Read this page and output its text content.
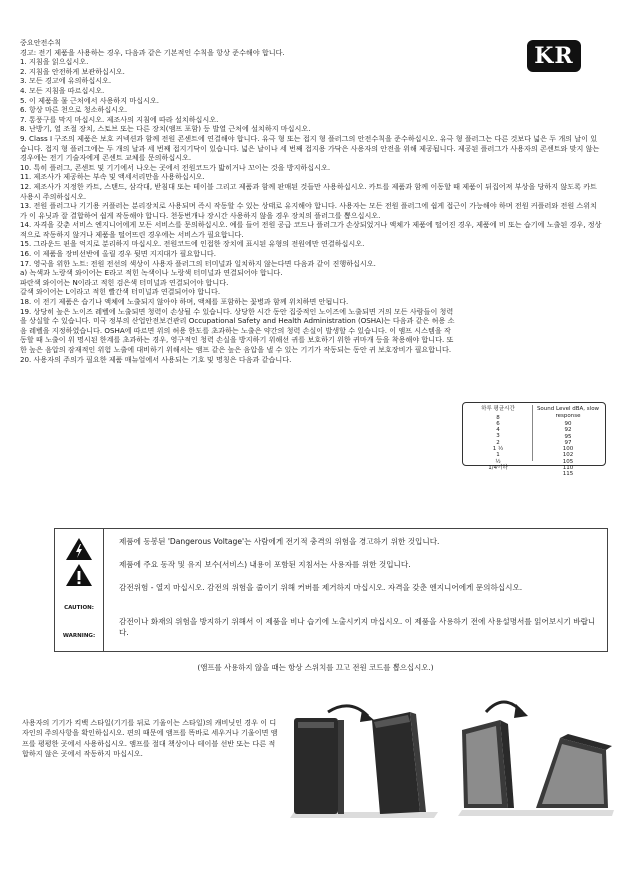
KR
중요안전수칙
경고: 전기 제품을 사용하는 경우, 다음과 같은 기본적인 수칙을 항상 준수해야 합니다.
1. 지침을 읽으십시오.
2. 지침을 안전하게 보관하십시오.
3. 모든 경고에 유의하십시오.
4. 모든 지침을 따르십시오.
5. 이 제품을 물 근처에서 사용하지 마십시오.
6. 항상 마른 천으로 청소하십시오.
7. 통풍구를 막지 마십시오. 제조사의 지침에 따라 설치하십시오.
8. 난방기, 열 조절 장치, 스토브 또는 다른 장치(앰프 포함) 등 발열 근처에 설치하지 마십시오.
9. Class I 구조의 제품은 보호 커넥션과 함께 전원 콘센트에 연결해야 합니다. 유극 형 또는 접지 형 플러그의 안전수칙을 준수하십시오. 유극 형 플러그는 다른 것보다 넓은 두 개의 날이 있습니다. 접지 형 플러그에는 두 개의 날과 세 번째 접지기닥이 있습니다. 넓은 날이나 세 번째 접지용 가닥은 사용자의 안전을 위해 제공됩니다. 제공된 플러그가 사용자의 콘센트와 맞지 않는 경우에는 전기 기술자에게 콘센트 교체를 문의하십시오.
10. 특히 플러그, 콘센트 및 기기에서 나오는 곳에서 전원코드가 밟히거나 꼬이는 것을 방지하십시오.
11. 제조사가 제공하는 부속 및 액세서리만을 사용하십시오.
12. 제조사가 지정한 카트, 스탠드, 삼각대, 받침대 또는 테이블 그리고 제품과 함께 판매된 것들만 사용하십시오. 카트를 제품과 함께 이동할 때 제품이 뒤집어져 부상을 당하지 않도록 카트 사용시 주의하십시오.
13. 전원 플러그나 기기용 커플러는 분리장치로 사용되며 즉시 작동할 수 있는 상태로 유지해야 합니다. 사용자는 모든 전원 플러그에 쉽게 접근이 가능해야 하며 전원 커플러와 전원 스위치가 이 유닛과 잘 결합하여 쉽게 작동해야 합니다. 천둥번개나 장시간 사용하지 않을 경우 장치의 플러그를 뽑으십시오.
14. 자격을 갖춘 서비스 엔지니어에게 모든 서비스를 문의하십시오. 예를 들어 전원 공급 코드나 플러그가 손상되었거나 액체가 제품에 떨어진 경우, 제품에 비 또는 습기에 노출된 경우, 정상적으로 작동하지 않거나 제품을 떨어뜨린 경우에는 서비스가 필요합니다.
15. 그라운드 핀을 억지로 분리하지 마십시오. 전원코드에 인접한 장치에 표시된 유형의 전원에만 연결하십시오.
16. 이 제품을 장비선반에 올릴 경우 뒷면 지지대가 필요합니다.
17. 영국을 위한 노트: 전원 전선의 색상이 사용자 플러그의 터미널과 일치하지 않는다면 다음과 같이 진행하십시오.
a) 녹색과 노랑색 와이어는 E라고 적힌 녹색이나 노랑색 터미널과 연결되어야 합니다.
파란색 와이어는 N이라고 적힌 검은색 터미널과 연결되어야 합니다.
갈색 와이어는 L이라고 적힌 빨간색 터미널과 연결되어야 합니다.
18. 이 전기 제품은 습기나 액체에 노출되지 않아야 하며, 액체를 포함하는 꽃병과 함께 위치하면 안됩니다.
19. 상당히 높은 노이즈 레벨에 노출되면 청력이 손상될 수 있습니다. 상당한 시간 동안 집중적인 노이즈에 노출되면 거의 모든 사람들이 청력을 상실할 수 있습니다. 미국 정부의 산업안전보건관리 Occupational Safety and Health Administration (OSHA)는 다음과 같은 허용 소음 레벨을 지정하였습니다. OSHA에 따르면 위의 허용 한도를 초과하는 노출은 약간의 청력 손실이 발생할 수 있습니다. 이 앰프 시스템을 작동할 때 노출이 위 명시된 한계를 초과하는 경우, 영구적인 청력 손실을 방지하기 위해선 귀를 보호하기 위한 귀마개 등을 착용해야 합니다. 또한 높은 음압의 잠재적인 위험 노출에 대비하기 위해서는 앰프 같은 높은 음압을 낼 수 있는 기기가 작동되는 동안 귀 보호장비가 필요합니다.
20. 사용자의 주의가 필요한 제품 매뉴얼에서 사용되는 기호 및 명칭은 다음과 같습니다.
하루 평균시간
8
6
4
3
2
1 ½
1
½
1/4이하
Sound Level dBA, slow response
90
92
95
97
100
102
105
110
115
CAUTION:
WARNING:
제품에 동봉된 'Dangerous Voltage'는 사람에게 전기적 충격의 위험을 경고하기 위한 것입니다.
제품에 주요 동작 및 유지 보수(서비스) 내용이 포함된 지침서는 사용자를 위한 것입니다.
감전위험 - 열지 마십시오. 감전의 위험을 줄이기 위해 커버를 제거하지 마십시오. 자격을 갖춘 엔지니어에게 문의하십시오.
감전이나 화재의 위험을 방지하기 위해서 이 제품을 비나 습기에 노출시키지 마십시오. 이 제품을 사용하기 전에 사용설명서를 읽어보시기 바랍니다.
(앰프를 사용하지 않을 때는 항상 스위치를 끄고 전원 코드를 뽑으십시오.)
사용자의 기기가 킥백 스타일(기기를 뒤로 기울이는 스타일)의 캐비닛인 경우 이 디자인의 주의사항을 확인하십시오. 편의 때문에 앰프를 똑바로 세우거나 기울이면 앰프를 평평한 곳에서 사용하십시오. 앰프를 절대 책상이나 테이블 선반 또는 다른 적합하지 않은 곳에서 작동하지 마십시오.
